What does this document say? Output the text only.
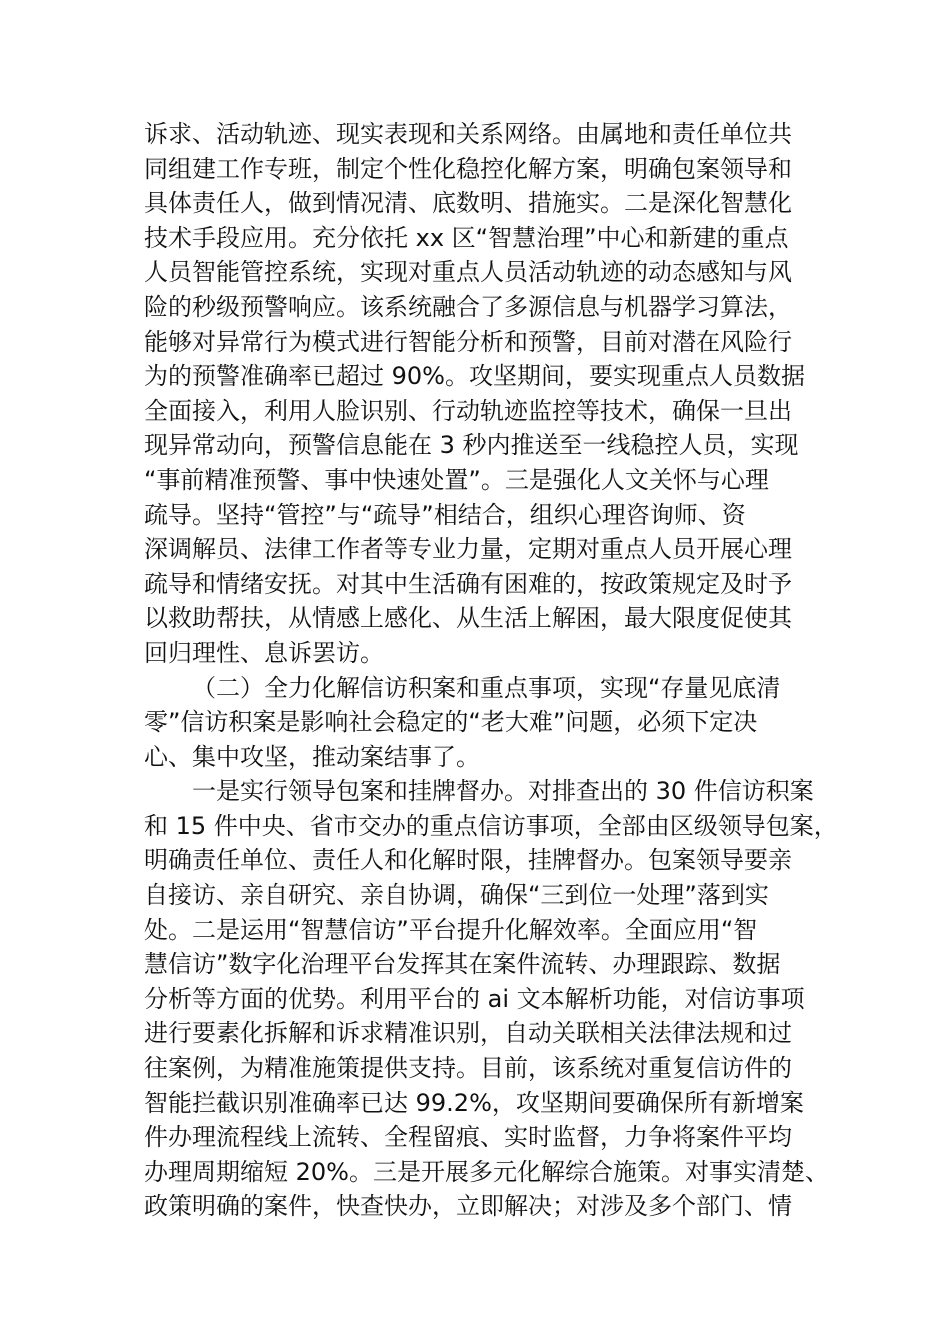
诉求、活动轨迹、现实表现和关系网络。由属地和责任单位共
同组建工作专班，制定个性化稳控化解方案，明确包案领导和
具体责任人，做到情况清、底数明、措施实。二是深化智慧化
技术手段应用。充分依托 xx 区“智慧治理”中心和新建的重点
人员智能管控系统，实现对重点人员活动轨迹的动态感知与风
险的秒级预警响应。该系统融合了多源信息与机器学习算法，
能够对异常行为模式进行智能分析和预警，目前对潜在风险行
为的预警准确率已超过 90%。攻坚期间，要实现重点人员数据
全面接入，利用人脸识别、行动轨迹监控等技术，确保一旦出
现异常动向，预警信息能在 3 秒内推送至一线稳控人员，实现
“事前精准预警、事中快速处置”。三是强化人文关怀与心理
疏导。坚持“管控”与“疏导”相结合，组织心理咨询师、资
深调解员、法律工作者等专业力量，定期对重点人员开展心理
疏导和情绪安抚。对其中生活确有困难的，按政策规定及时予
以救助帮扶，从情感上感化、从生活上解困，最大限度促使其
回归理性、息诉罢访。
（二）全力化解信访积案和重点事项，实现“存量见底清
零”信访积案是影响社会稳定的“老大难”问题，必须下定决
心、集中攻坚，推动案结事了。
一是实行领导包案和挂牌督办。对排查出的 30 件信访积案
和 15 件中央、省市交办的重点信访事项，全部由区级领导包案，
明确责任单位、责任人和化解时限，挂牌督办。包案领导要亲
自接访、亲自研究、亲自协调，确保“三到位一处理”落到实
处。二是运用“智慧信访”平台提升化解效率。全面应用“智
慧信访”数字化治理平台发挥其在案件流转、办理跟踪、数据
分析等方面的优势。利用平台的 ai 文本解析功能，对信访事项
进行要素化拆解和诉求精准识别，自动关联相关法律法规和过
往案例，为精准施策提供支持。目前，该系统对重复信访件的
智能拦截识别准确率已达 99.2%，攻坚期间要确保所有新增案
件办理流程线上流转、全程留痕、实时监督，力争将案件平均
办理周期缩短 20%。三是开展多元化解综合施策。对事实清楚、
政策明确的案件，快查快办，立即解决；对涉及多个部门、情
